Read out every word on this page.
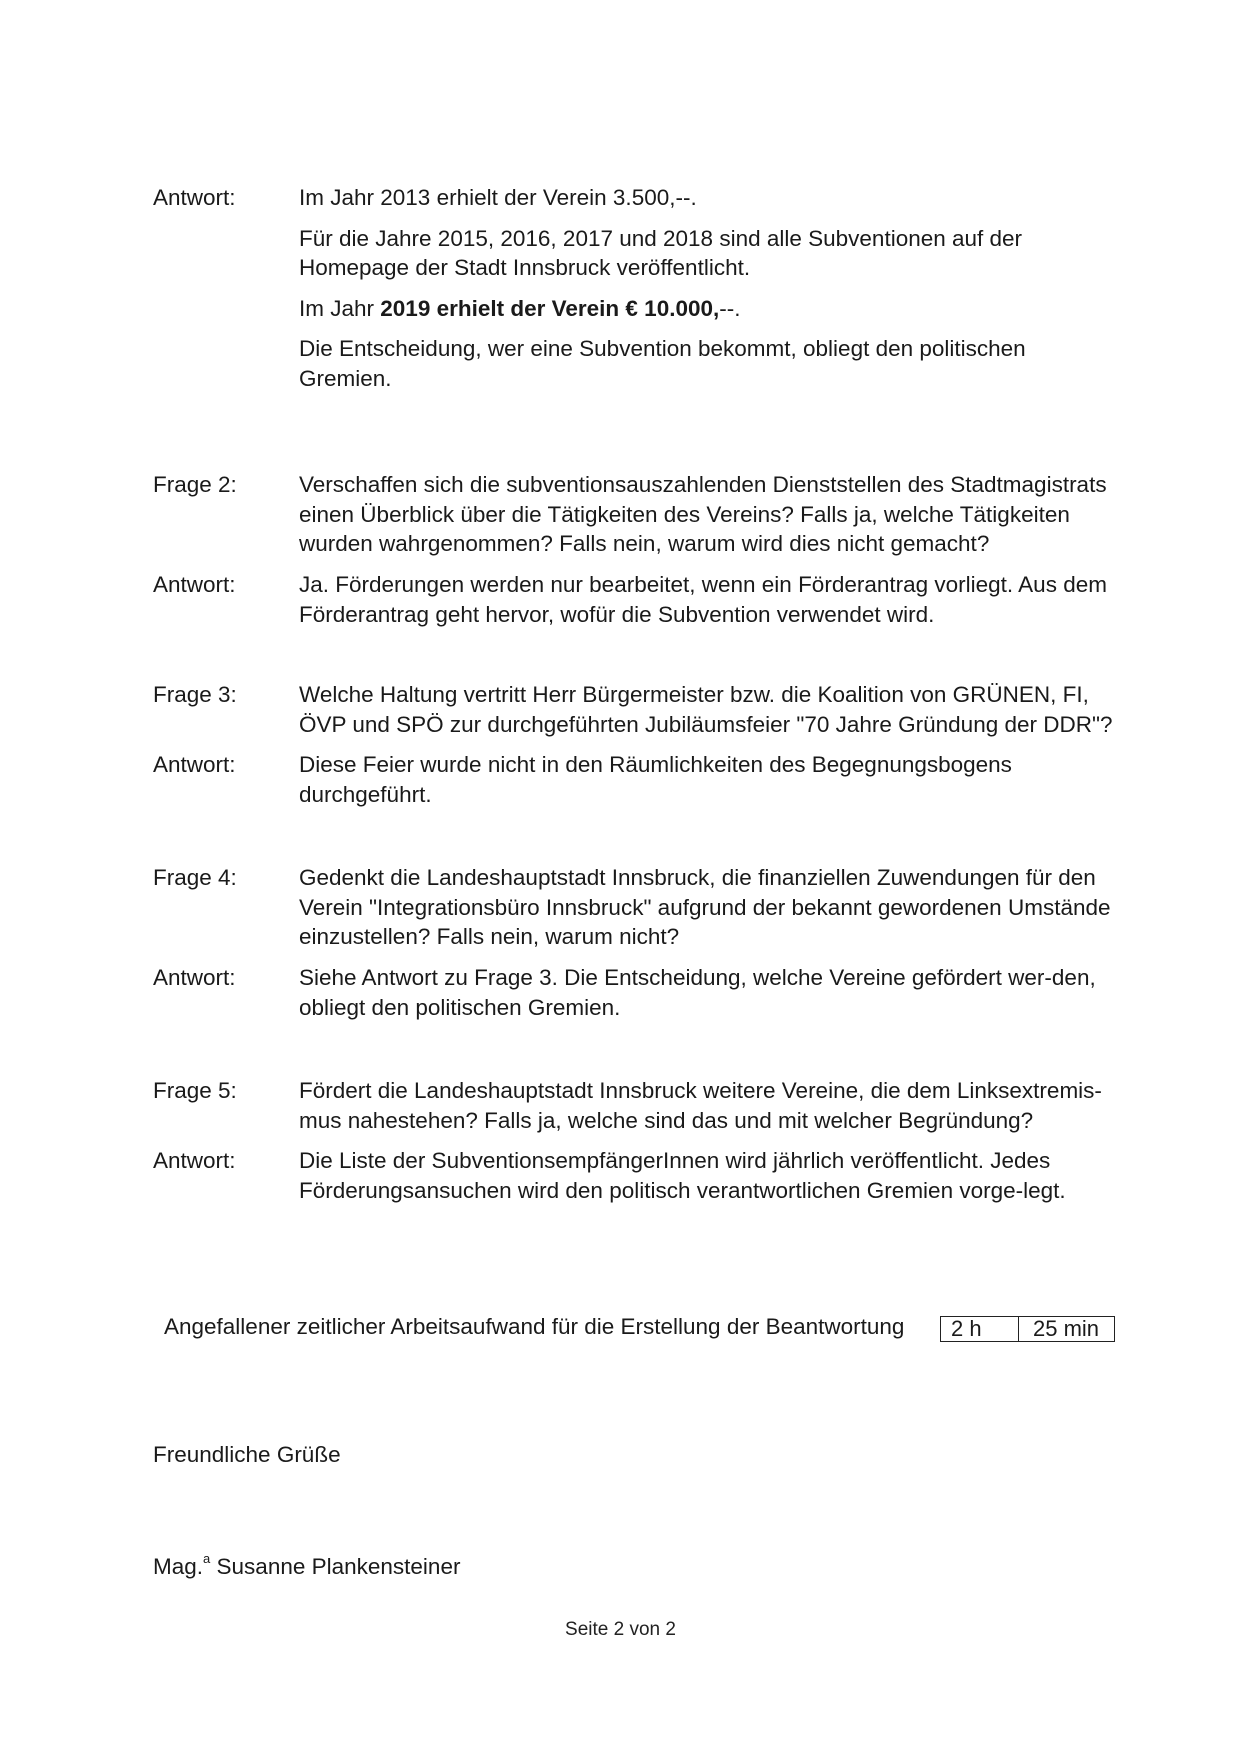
Antwort:	Im Jahr 2013 erhielt der Verein 3.500,--.

Für die Jahre 2015, 2016, 2017 und 2018 sind alle Subventionen auf der Homepage der Stadt Innsbruck veröffentlicht.

Im Jahr 2019 erhielt der Verein € 10.000,--.

Die Entscheidung, wer eine Subvention bekommt, obliegt den politischen Gremien.

Frage 2:	Verschaffen sich die subventionsauszahlenden Dienststellen des Stadtmagistrats einen Überblick über die Tätigkeiten des Vereins? Falls ja, welche Tätigkeiten wurden wahrgenommen? Falls nein, warum wird dies nicht gemacht?
Antwort:	Ja. Förderungen werden nur bearbeitet, wenn ein Förderantrag vorliegt. Aus dem Förderantrag geht hervor, wofür die Subvention verwendet wird.
Frage 3:	Welche Haltung vertritt Herr Bürgermeister bzw. die Koalition von GRÜNEN, FI, ÖVP und SPÖ zur durchgeführten Jubiläumsfeier "70 Jahre Gründung der DDR"?
Antwort:	Diese Feier wurde nicht in den Räumlichkeiten des Begegnungsbogens durchgeführt.
Frage 4:	Gedenkt die Landeshauptstadt Innsbruck, die finanziellen Zuwendungen für den Verein "Integrationsbüro Innsbruck" aufgrund der bekannt gewordenen Umstände einzustellen? Falls nein, warum nicht?
Antwort:	Siehe Antwort zu Frage 3. Die Entscheidung, welche Vereine gefördert wer-den, obliegt den politischen Gremien.
Frage 5:	Fördert die Landeshauptstadt Innsbruck weitere Vereine, die dem Linksextremis-mus nahestehen? Falls ja, welche sind das und mit welcher Begründung?
Antwort:	Die Liste der SubventionsempfängerInnen wird jährlich veröffentlicht. Jedes Förderungsansuchen wird den politisch verantwortlichen Gremien vorge-legt.
Angefallener zeitlicher Arbeitsaufwand für die Erstellung der Beantwortung	2 h	25 min
Freundliche Grüße
Mag.$^a$ Susanne Plankensteiner
Seite 2 von 2
